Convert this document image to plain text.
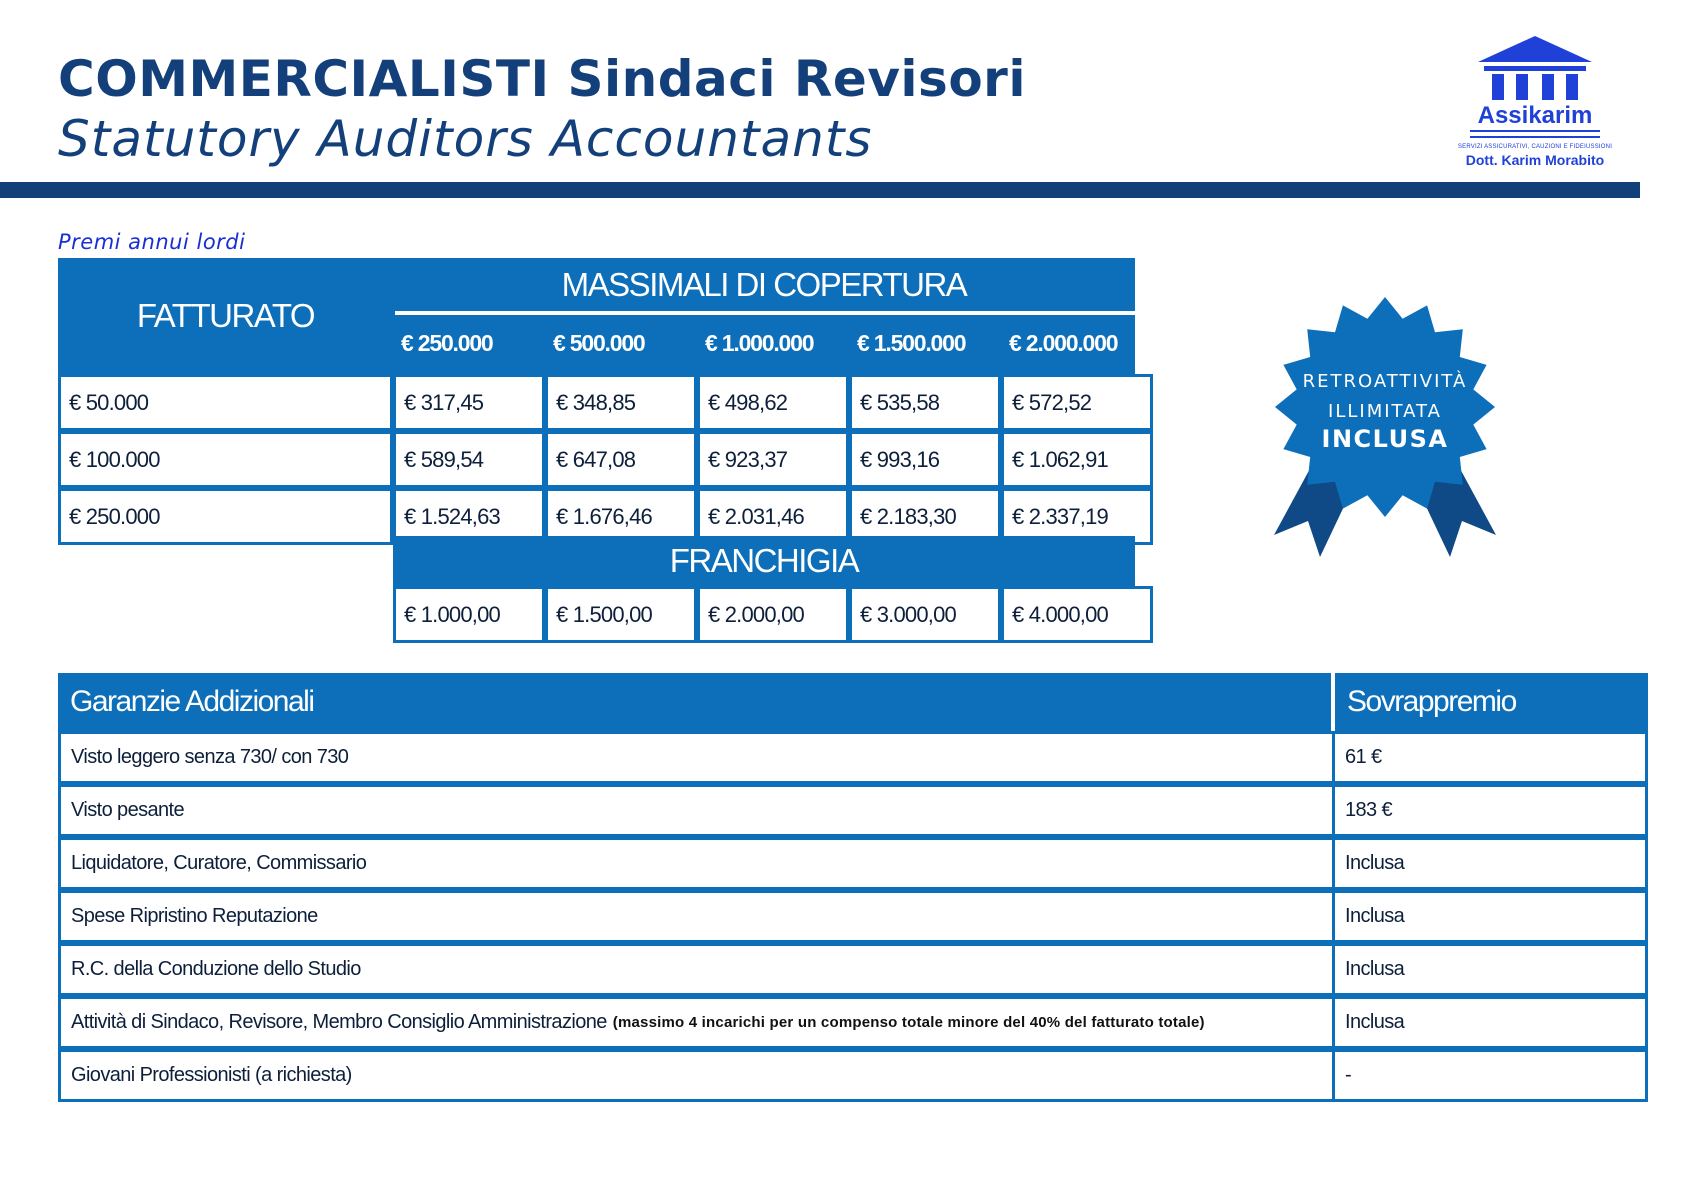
COMMERCIALISTI Sindaci Revisori
Statutory Auditors Accountants	Assikarim
SERVIZI ASSICURATIVI, CAUZIONI E FIDEIUSSIONI
Dott. Karim Morabito
Premi annui lordi
FATTURATO
MASSIMALI DI COPERTURA
€ 250.000	€ 500.000	€ 1.000.000 € 1.500.000 € 2.000.000
€ 50.000	€ 317,45	€ 348,85	€ 498,62	€ 535,58	€ 572,52
€ 100.000	€ 589,54	€ 647,08	€ 923,37	€ 993,16	€ 1.062,91
€ 250.000	€ 1.524,63	€ 1.676,46	€ 2.031,46	€ 2.183,30	€ 2.337,19
FRANCHIGIA
€ 1.000,00	€ 1.500,00	€ 2.000,00	€ 3.000,00	€ 4.000,00
RETROATTIVITÀ
ILLIMITATA
INCLUSA
Garanzie Addizionali	Sovrappremio
Visto leggero senza 730/ con 730	61 €
Visto pesante	183 €
Liquidatore, Curatore, Commissario	Inclusa
Spese Ripristino Reputazione	Inclusa
R.C. della Conduzione dello Studio	Inclusa
Attività di Sindaco, Revisore, Membro Consiglio Amministrazione (massimo 4 incarichi per un compenso totale minore del 40% del fatturato totale)	Inclusa
Giovani Professionisti (a richiesta)	-
